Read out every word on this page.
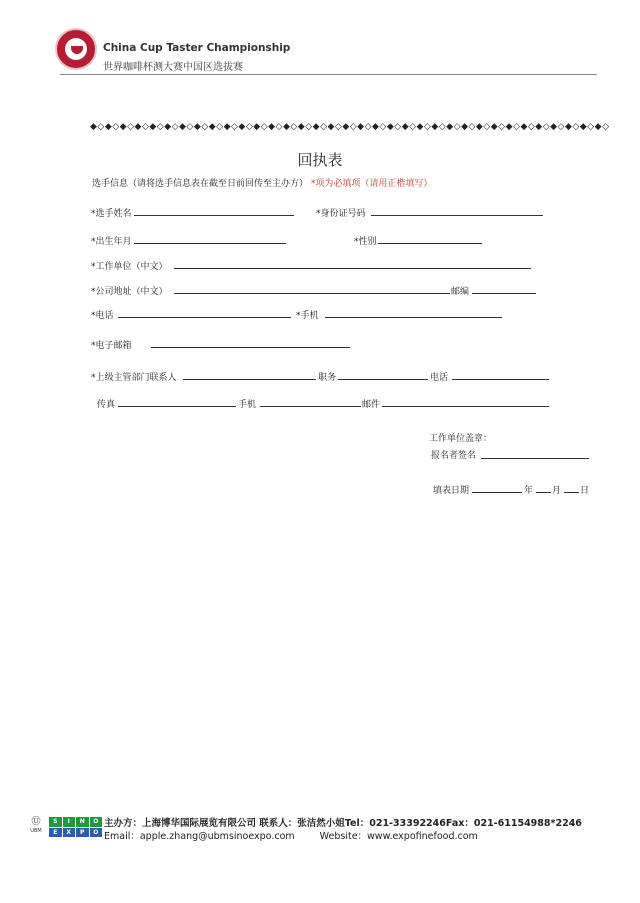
China Cup Taster Championship
世界咖啡杯测大赛中国区选拔赛
◆◇◆◇◆◇◆◇◆◇◆◇◆◇◆◇◆◇◆◇◆◇◆◇◆◇◆◇◆◇◆◇◆◇◆◇◆◇◆◇◆◇◆◇◆◇◆◇◆◇◆◇◆◇◆◇◆◇◆◇◆◇◆◇◆◇◆◇◆◇
回执表
选手信息（请将选手信息表在截至日前回传至主办方） *项为必填项（请用正楷填写）
*选手姓名	*身份证号码
*出生年月	*性别
*工作单位（中文）
*公司地址（中文）	邮编
*电话	*手机
*电子邮箱
*上级主管部门联系人	职务	电话
传真	手机	邮件
工作单位盖章：
报名者签名
填表日期	年 月 日
Ⓤ
UBM
S	I	N	O
E	X	P	O
主办方：上海博华国际展览有限公司 联系人：张洁然小姐Tel：021-33392246Fax：021-61154988*2246
Email：apple.zhang@ubmsinoexpo.com	Website：www.expofinefood.com
